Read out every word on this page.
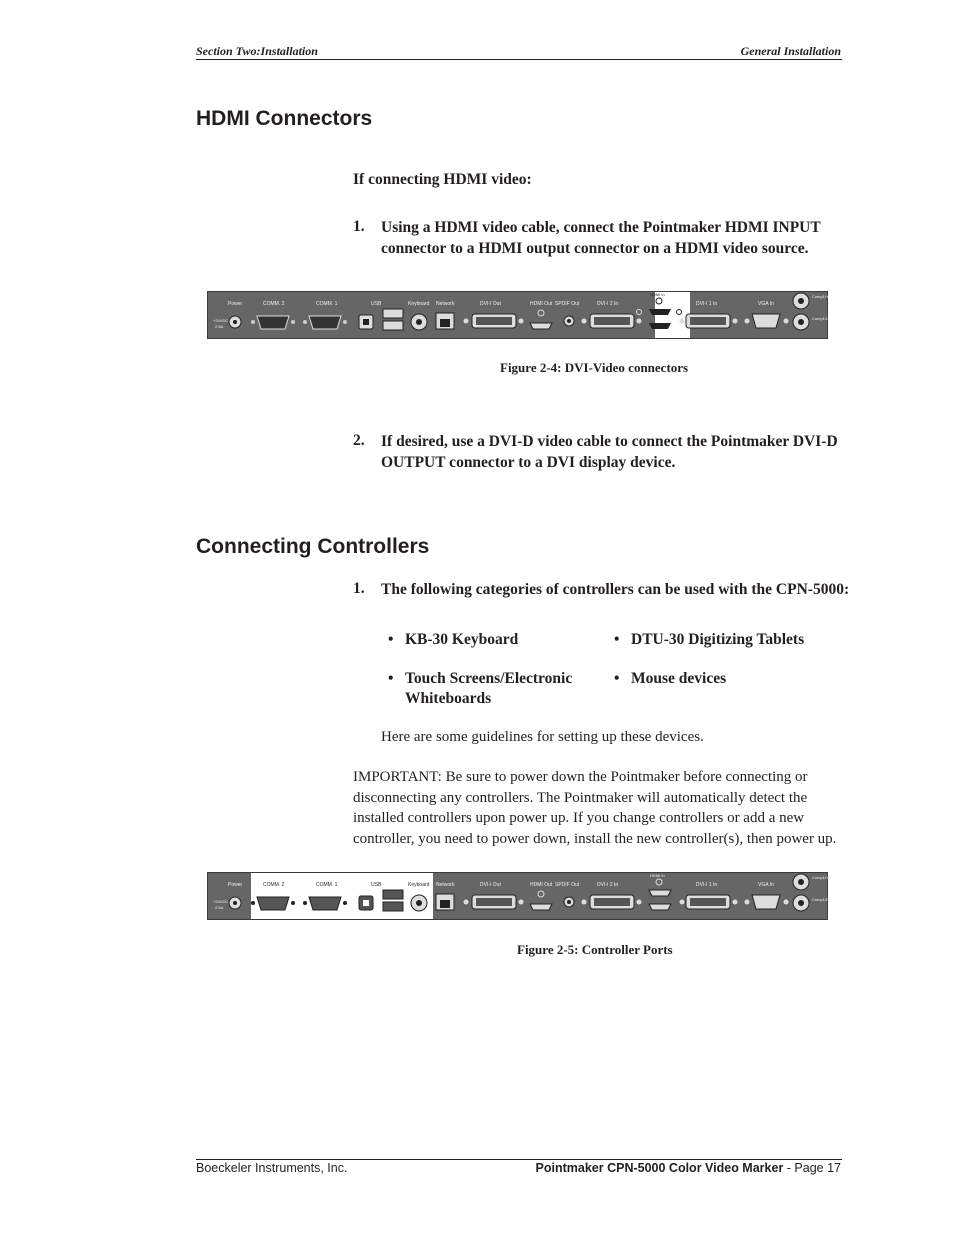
Section Two:Installation	General Installation
HDMI Connectors
If connecting HDMI video:
1. Using a HDMI video cable, connect the Pointmaker HDMI INPUT
connector to a HDMI output connector on a HDMI video source.
Power
+24VDC
2.5A
COMM. 2	COMM. 1	USB	Keyboard Network	DVI-I Out	HDMI Out SPDIF Out	DVI-I 2 In
HDMI In
DVI-I 1 In	VGA In
Comp1/Yb
Comp1/Cb
Figure 2-4: DVI-Video connectors
2. If desired, use a DVI-D video cable to connect the Pointmaker DVI-D
OUTPUT connector to a DVI display device.
Connecting Controllers
1. The following categories of controllers can be used with the CPN-5000:
• KB-30 Keyboard	• DTU-30 Digitizing Tablets
• Touch Screens/Electronic
Whiteboards
• Mouse devices
Here are some guidelines for setting up these devices.
IMPORTANT: Be sure to power down the Pointmaker before connecting or
disconnecting any controllers. The Pointmaker will automatically detect the
installed controllers upon power up. If you change controllers or add a new
controller, you need to power down, install the new controller(s), then power up.
Power
+24VDC
2.5A
COMM. 2	COMM. 1	USB	Keyboard Network	DVI-I Out	HDMI Out SPDIF Out	DVI-I 2 In
HDMI In
DVI-I 1 In	VGA In
Comp1/Yb
Comp1/Cb
Figure 2-5: Controller Ports
Boeckeler Instruments, Inc.	Pointmaker CPN-5000 Color Video Marker - Page 17
